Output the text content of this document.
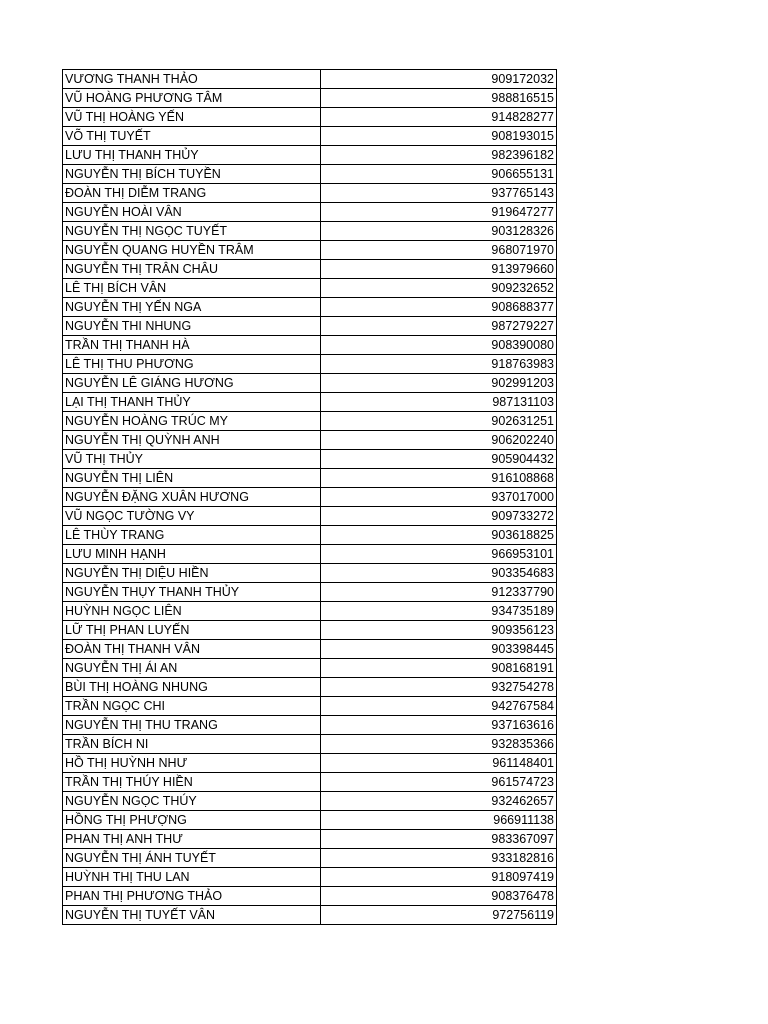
VƯƠNG THANH THẢO	909172032
VŨ HOÀNG PHƯƠNG TÂM	988816515
VŨ THỊ HOÀNG YẾN	914828277
VÕ THỊ TUYẾT	908193015
LƯU THỊ THANH THỦY	982396182
NGUYỄN THỊ BÍCH TUYỀN	906655131
ĐOÀN THỊ DIỄM TRANG	937765143
NGUYỄN HOÀI VÂN	919647277
NGUYỄN THỊ NGỌC TUYẾT	903128326
NGUYỄN QUANG HUYỀN TRÂM	968071970
NGUYỄN THỊ TRÂN CHÂU	913979660
LÊ THỊ BÍCH VÂN	909232652
NGUYỄN THỊ YẾN NGA	908688377
NGUYỄN THI NHUNG	987279227
TRẦN THỊ THANH HÀ	908390080
LÊ THỊ THU PHƯƠNG	918763983
NGUYỄN LÊ GIÁNG HƯƠNG	902991203
LẠI THỊ THANH THỦY	987131103
NGUYỄN HOÀNG TRÚC MY	902631251
NGUYỄN THỊ QUỲNH ANH	906202240
VŨ THỊ THỦY	905904432
NGUYỄN THỊ LIÊN	916108868
NGUYỄN ĐẶNG XUÂN HƯƠNG	937017000
VŨ NGỌC TƯỜNG VY	909733272
LÊ THÙY TRANG	903618825
LƯU MINH HẠNH	966953101
NGUYỄN THỊ DIỆU HIỀN	903354683
NGUYỄN THỤY THANH THỦY	912337790
HUỲNH NGỌC LIÊN	934735189
LỮ THỊ PHAN LUYẾN	909356123
ĐOÀN THỊ THANH VÂN	903398445
NGUYỄN THỊ ÁI AN	908168191
BÙI THỊ HOÀNG NHUNG	932754278
TRẦN NGỌC CHI	942767584
NGUYỄN THỊ THU TRANG	937163616
TRẦN BÍCH NI	932835366
HỒ THỊ HUỲNH NHƯ	961148401
TRẦN THỊ THÚY HIỀN	961574723
NGUYỄN NGỌC THÚY	932462657
HỒNG THỊ PHƯỢNG	966911138
PHAN THỊ ANH THƯ	983367097
NGUYỄN THỊ ÁNH TUYẾT	933182816
HUỲNH THỊ THU LAN	918097419
PHAN THỊ PHƯƠNG THẢO	908376478
NGUYỄN THỊ TUYẾT VÂN	972756119
